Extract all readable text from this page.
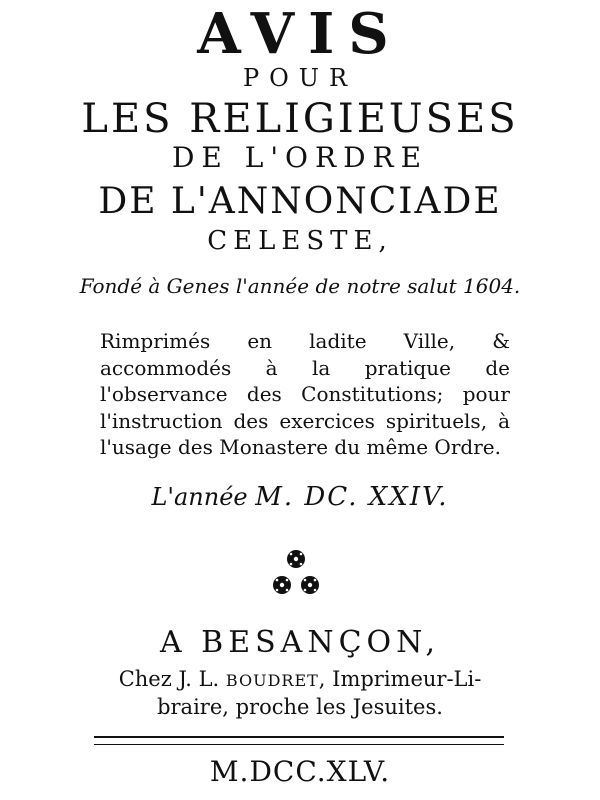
AVIS
POUR
LES RELIGIEUSES
DE L'ORDRE
DE L'ANNONCIADE
CELESTE,
Fondé à Genes l'année de notre salut 1604.
Rimprimés en ladite Ville, & accommodés à la pratique de l'observance des Constitutions; pour l'instruction des exercices spirituels, à l'usage des Monastere du même Ordre.
L'année M. DC. XXIV.
A BESANÇON,
Chez J. L. BOUDRET, Imprimeur-Li-
braire, proche les Jesuites.
M.DCC.XLV.
